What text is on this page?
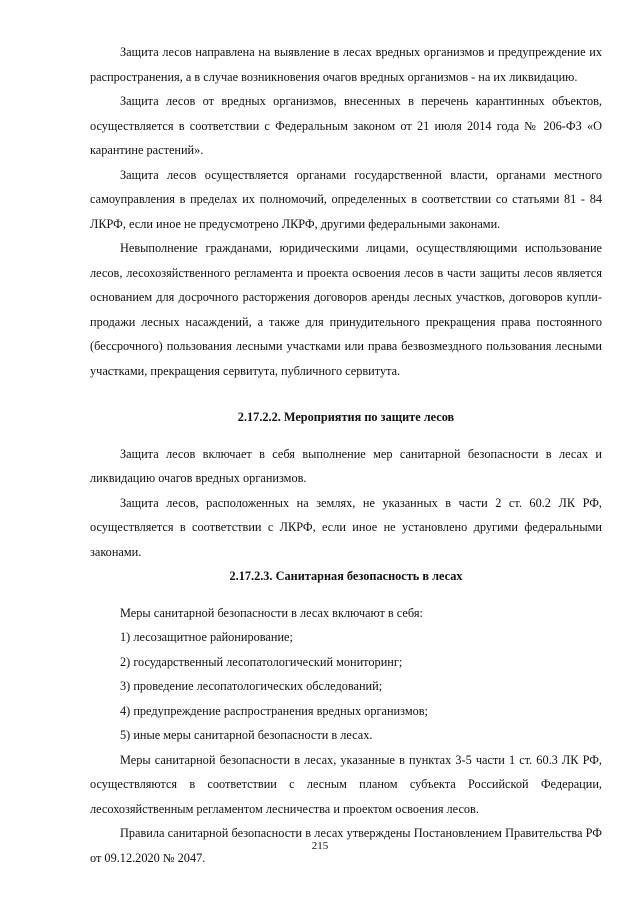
Защита лесов направлена на выявление в лесах вредных организмов и предупреждение их распространения, а в случае возникновения очагов вредных организмов - на их ликвидацию.

Защита лесов от вредных организмов, внесенных в перечень карантинных объектов, осуществляется в соответствии с Федеральным законом от 21 июля 2014 года № 206-ФЗ «О карантине растений».

Защита лесов осуществляется органами государственной власти, органами местного самоуправления в пределах их полномочий, определенных в соответствии со статьями 81 - 84 ЛКРФ, если иное не предусмотрено ЛКРФ, другими федеральными законами.

Невыполнение гражданами, юридическими лицами, осуществляющими использование лесов, лесохозяйственного регламента и проекта освоения лесов в части защиты лесов является основанием для досрочного расторжения договоров аренды лесных участков, договоров купли-продажи лесных насаждений, а также для принудительного прекращения права постоянного (бессрочного) пользования лесными участками или права безвозмездного пользования лесными участками, прекращения сервитута, публичного сервитута.

2.17.2.2. Мероприятия по защите лесов

Защита лесов включает в себя выполнение мер санитарной безопасности в лесах и ликвидацию очагов вредных организмов.

Защита лесов, расположенных на землях, не указанных в части 2 ст. 60.2 ЛК РФ, осуществляется в соответствии с ЛКРФ, если иное не установлено другими федеральными законами.

2.17.2.3. Санитарная безопасность в лесах

Меры санитарной безопасности в лесах включают в себя:

1) лесозащитное районирование;

2) государственный лесопатологический мониторинг;

3) проведение лесопатологических обследований;

4) предупреждение распространения вредных организмов;

5) иные меры санитарной безопасности в лесах.

Меры санитарной безопасности в лесах, указанные в пунктах 3-5 части 1 ст. 60.3 ЛК РФ, осуществляются в соответствии с лесным планом субъекта Российской Федерации, лесохозяйственным регламентом лесничества и проектом освоения лесов.

Правила санитарной безопасности в лесах утверждены Постановлением Правительства РФ от 09.12.2020 № 2047.

215
